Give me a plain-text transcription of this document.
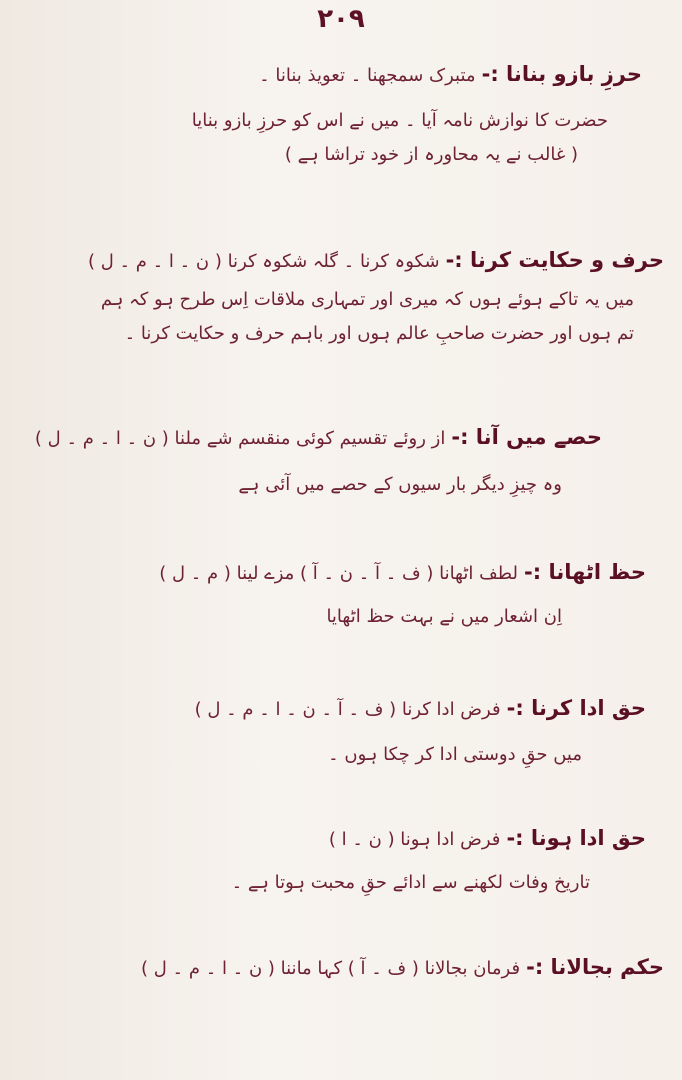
۲۰۹
حرزِ بازو بنانا :- متبرک سمجھنا ۔ تعویذ بنانا ۔
حضرت کا نوازش نامہ آیا ۔ میں نے اس کو حرزِ بازو بنایا
( غالب نے یہ محاورہ از خود تراشا ہے )
حرف و حکایت کرنا :- شکوہ کرنا ۔ گلہ شکوہ کرنا ( ن ۔ ا ۔ م ۔ ل )
میں یہ تاکے ہوئے ہوں کہ میری اور تمہاری ملاقات اِس طرح ہو کہ ہم
تم ہوں اور حضرت صاحبِ عالم ہوں اور باہم حرف و حکایت کرنا ۔
حصے میں آنا :- از روئے تقسیم کوئی منقسم شے ملنا ( ن ۔ ا ۔ م ۔ ل )
وہ چیزِ دیگر بار سیوں کے حصے میں آئی ہے
حظ اٹھانا :- لطف اٹھانا ( ف ۔ آ ۔ ن ۔ آ ) مزے لینا ( م ۔ ل )
اِن اشعار میں نے بہت حظ اٹھایا
حق ادا کرنا :- فرض ادا کرنا ( ف ۔ آ ۔ ن ۔ ا ۔ م ۔ ل )
میں حقِ دوستی ادا کر چکا ہوں ۔
حق ادا ہونا :- فرض ادا ہونا ( ن ۔ ا )
تاریخ وفات لکھنے سے ادائے حقِ محبت ہوتا ہے ۔
حکم بجالانا :- فرمان بجالانا ( ف ۔ آ ) کہا ماننا ( ن ۔ ا ۔ م ۔ ل )
